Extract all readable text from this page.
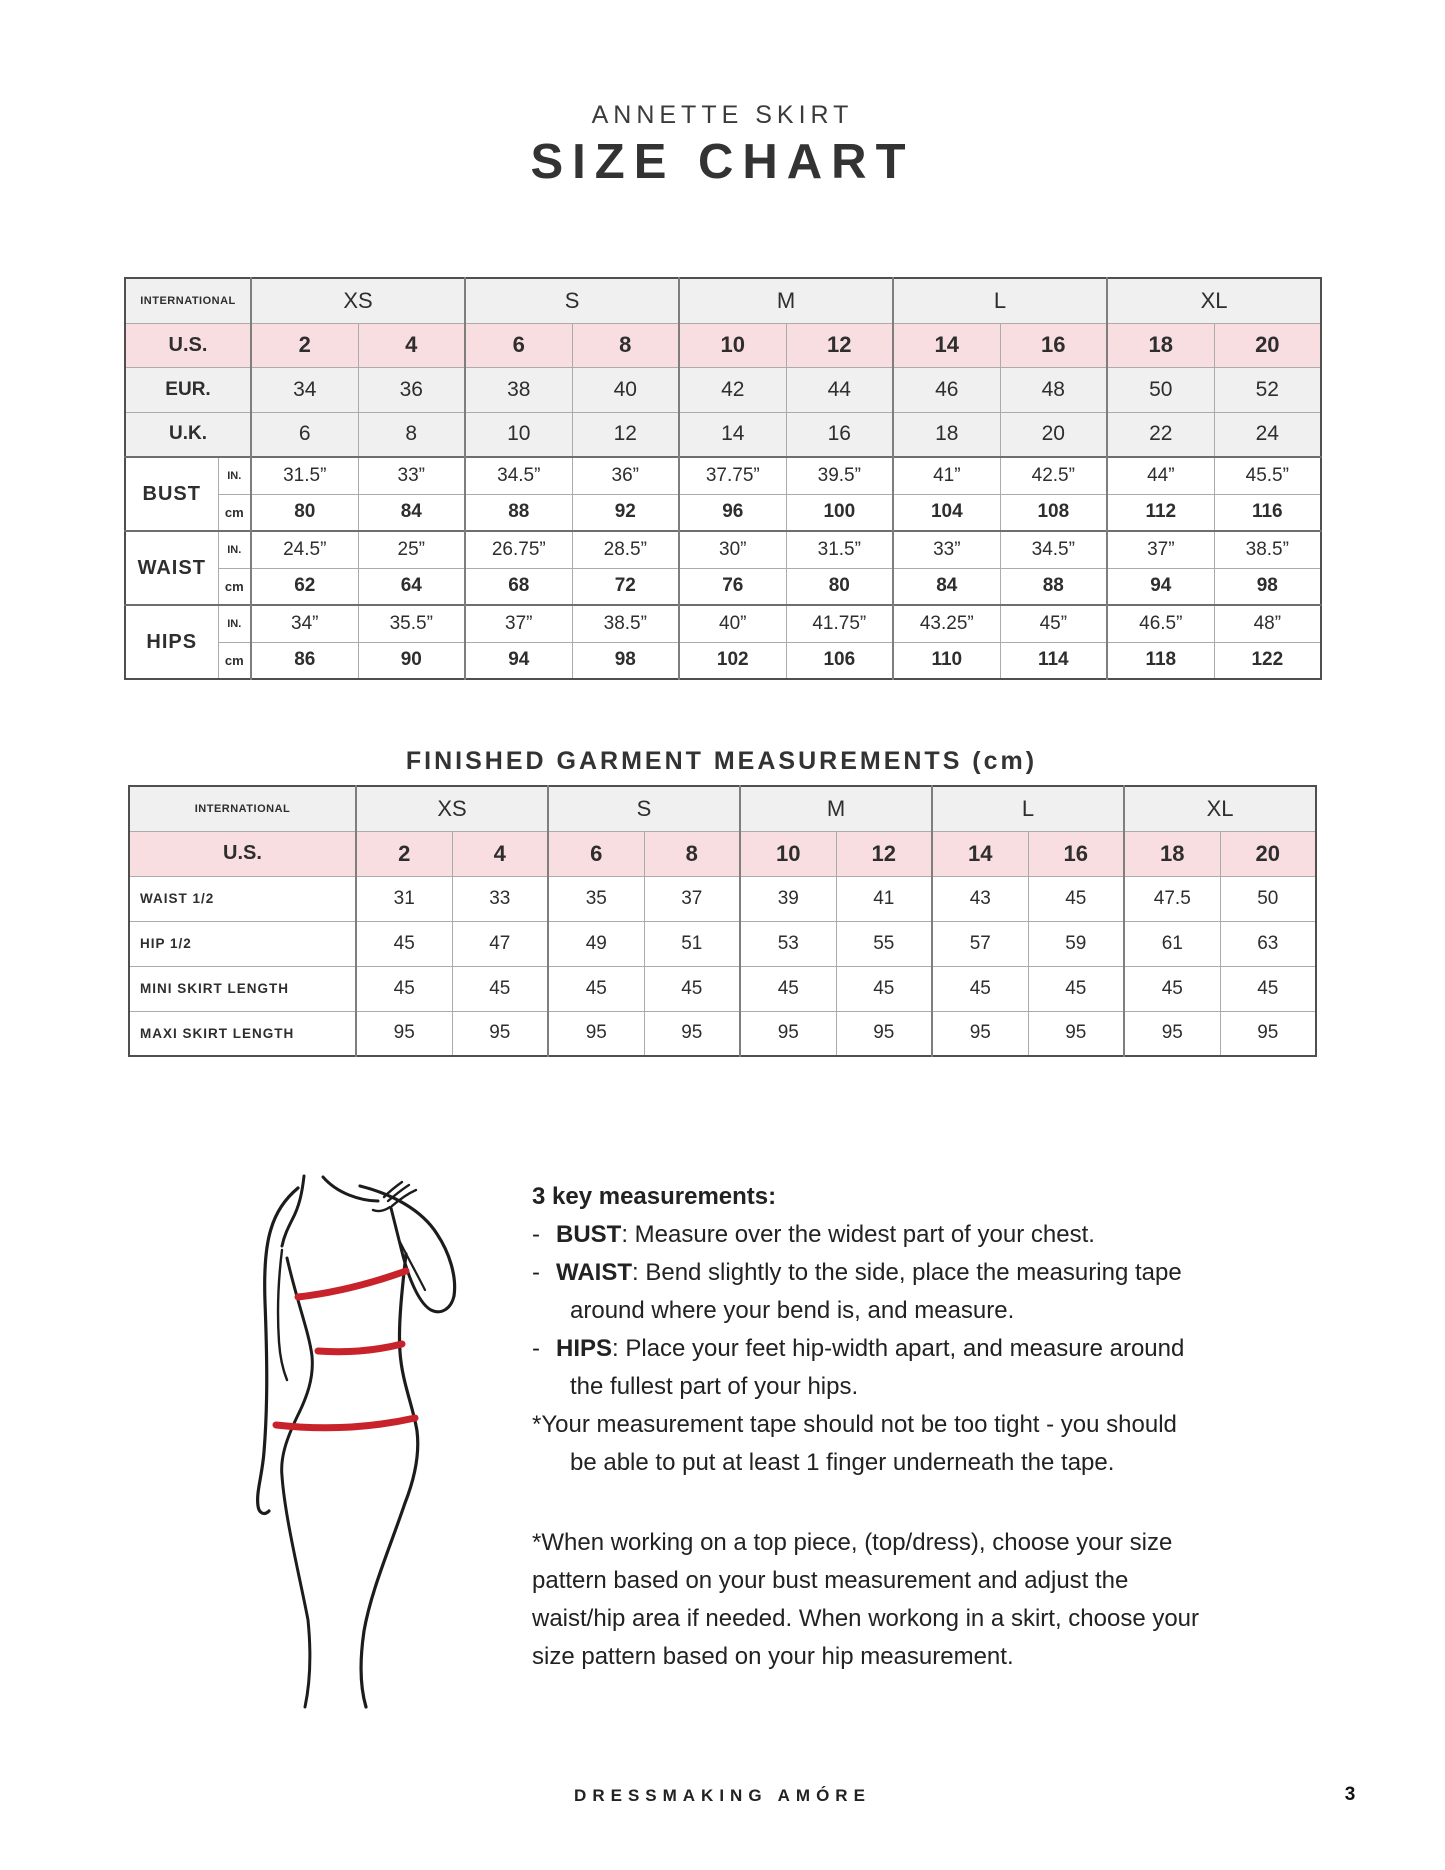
ANNETTE SKIRT
SIZE CHART
INTERNATIONAL		XS		S		M		L		XL	
U.S.		2	4	6	8	10	12	14	16	18	20
EUR.		34	36	38	40	42	44	46	48	50	52
U.K.		6	8	10	12	14	16	18	20	22	24
BUST	IN.	31.5”	33”	34.5”	36”	37.75”	39.5”	41”	42.5”	44”	45.5”
	cm	80	84	88	92	96	100	104	108	112	116
WAIST	IN.	24.5”	25”	26.75”	28.5”	30”	31.5”	33”	34.5”	37”	38.5”
	cm	62	64	68	72	76	80	84	88	94	98
HIPS	IN.	34”	35.5”	37”	38.5”	40”	41.75”	43.25”	45”	46.5”	48”
	cm	86	90	94	98	102	106	110	114	118	122
FINISHED GARMENT MEASUREMENTS (cm)
INTERNATIONAL	XS		S		M		L		XL	
U.S.	2	4	6	8	10	12	14	16	18	20
WAIST 1/2	31	33	35	37	39	41	43	45	47.5	50
HIP 1/2	45	47	49	51	53	55	57	59	61	63
MINI SKIRT LENGTH	45	45	45	45	45	45	45	45	45	45
MAXI SKIRT LENGTH	95	95	95	95	95	95	95	95	95	95
3 key measurements:
- BUST: Measure over the widest part of your chest.
- WAIST: Bend slightly to the side, place the measuring tape around where your bend is, and measure.
- HIPS: Place your feet hip-width apart, and measure around the fullest part of your hips.
*Your measurement tape should not be too tight - you should be able to put at least 1 finger underneath the tape.
*When working on a top piece, (top/dress), choose your size pattern based on your bust measurement and adjust the waist/hip area if needed. When workong in a skirt, choose your size pattern based on your hip measurement.
DRESSMAKING AMÓRE	3
